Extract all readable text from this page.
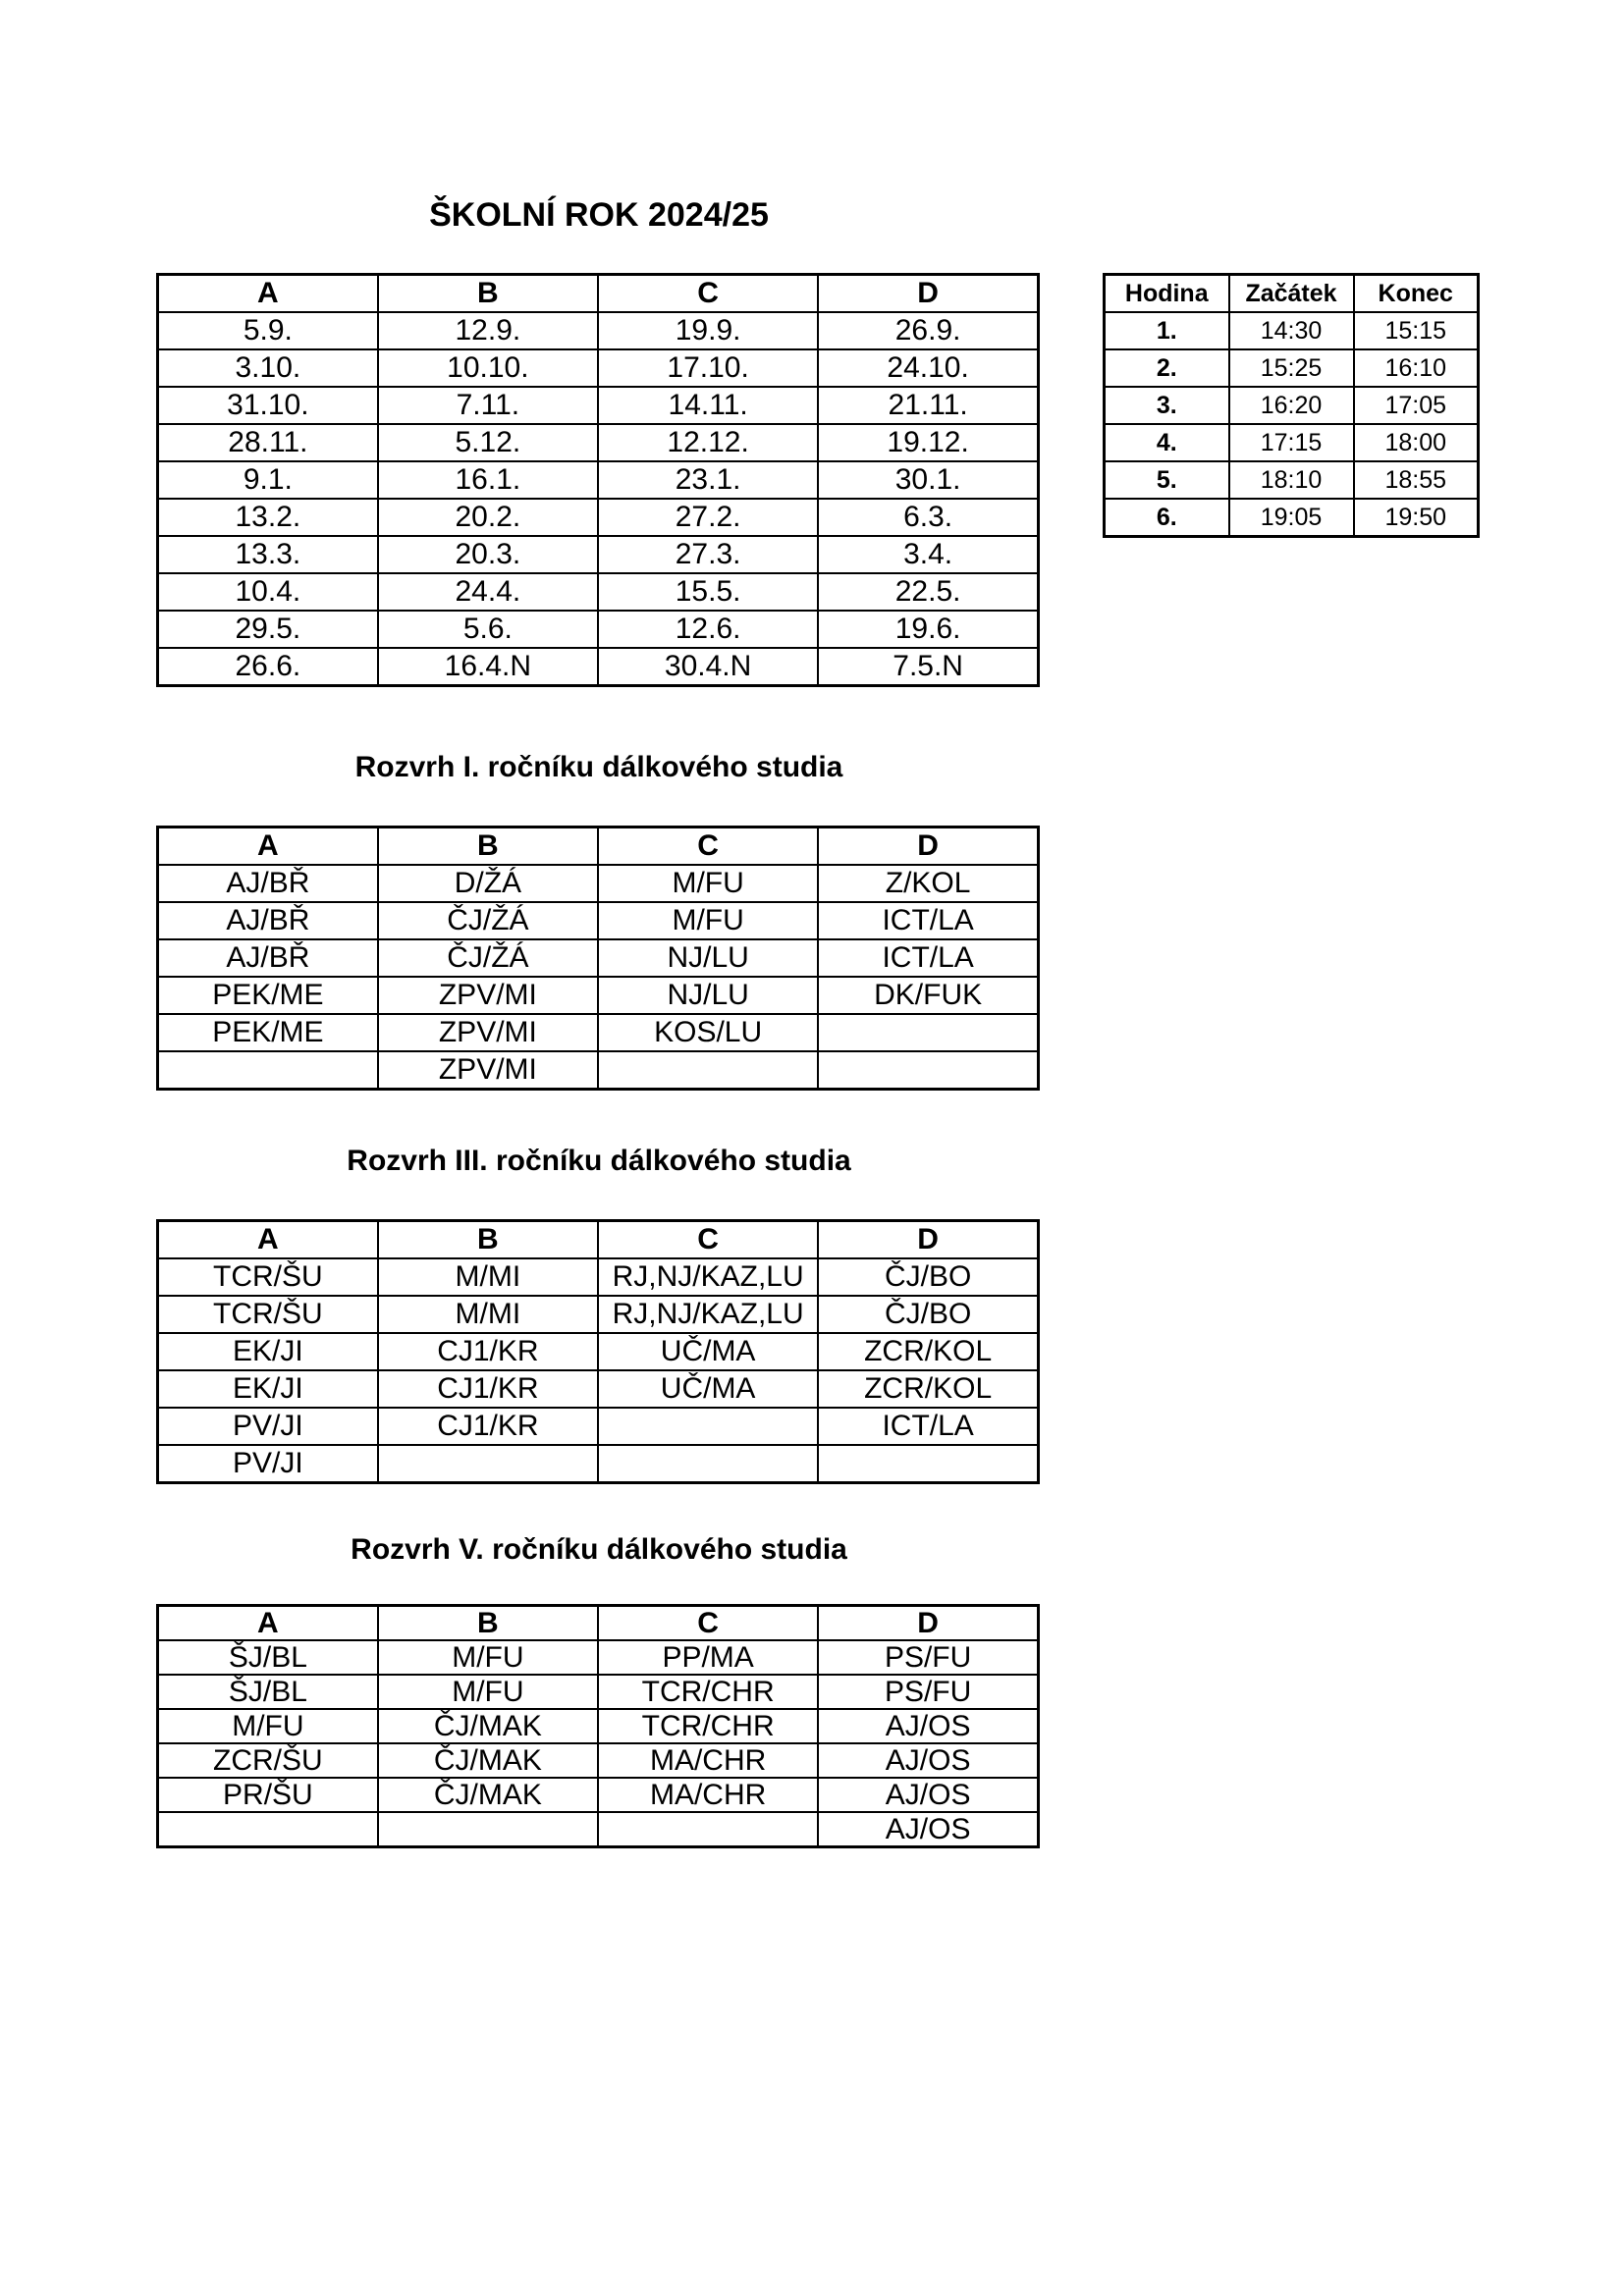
ŠKOLNÍ ROK 2024/25
A	B	C	D
5.9.	12.9.	19.9.	26.9.
3.10.	10.10.	17.10.	24.10.
31.10.	7.11.	14.11.	21.11.
28.11.	5.12.	12.12.	19.12.
9.1.	16.1.	23.1.	30.1.
13.2.	20.2.	27.2.	6.3.
13.3.	20.3.	27.3.	3.4.
10.4.	24.4.	15.5.	22.5.
29.5.	5.6.	12.6.	19.6.
26.6.	16.4.N	30.4.N	7.5.N
Hodina	Začátek	Konec
1.	14:30	15:15
2.	15:25	16:10
3.	16:20	17:05
4.	17:15	18:00
5.	18:10	18:55
6.	19:05	19:50
Rozvrh I. ročníku dálkového studia
A	B	C	D
AJ/BŘ	D/ŽÁ	M/FU	Z/KOL
AJ/BŘ	ČJ/ŽÁ	M/FU	ICT/LA
AJ/BŘ	ČJ/ŽÁ	NJ/LU	ICT/LA
PEK/ME	ZPV/MI	NJ/LU	DK/FUK
PEK/ME	ZPV/MI	KOS/LU	
	ZPV/MI		
Rozvrh III. ročníku dálkového studia
A	B	C	D
TCR/ŠU	M/MI	RJ,NJ/KAZ,LU	ČJ/BO
TCR/ŠU	M/MI	RJ,NJ/KAZ,LU	ČJ/BO
EK/JI	CJ1/KR	UČ/MA	ZCR/KOL
EK/JI	CJ1/KR	UČ/MA	ZCR/KOL
PV/JI	CJ1/KR		ICT/LA
PV/JI			
Rozvrh V. ročníku dálkového studia
A	B	C	D
ŠJ/BL	M/FU	PP/MA	PS/FU
ŠJ/BL	M/FU	TCR/CHR	PS/FU
M/FU	ČJ/MAK	TCR/CHR	AJ/OS
ZCR/ŠU	ČJ/MAK	MA/CHR	AJ/OS
PR/ŠU	ČJ/MAK	MA/CHR	AJ/OS
			AJ/OS
